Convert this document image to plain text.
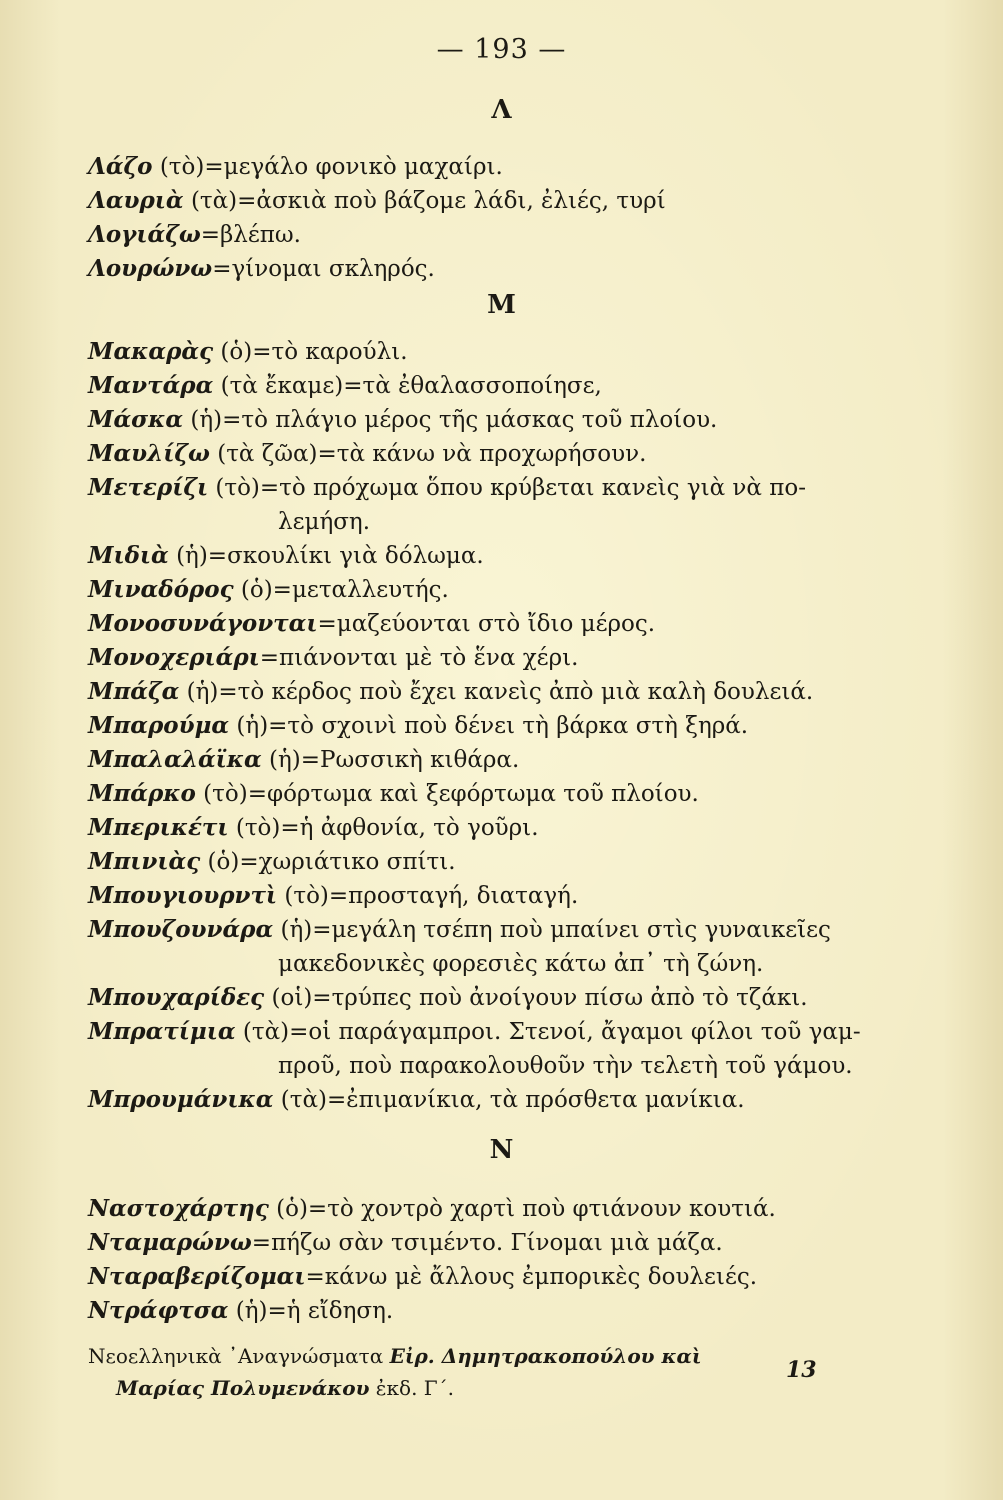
— 193 —
Λ
Λάζο (τὸ)=μεγάλο φονικὸ μαχαίρι.
Λαυριὰ (τὰ)=ἀσκιὰ ποὺ βάζομε λάδι, ἐλιές, τυρί
Λογιάζω=βλέπω.
Λουρώνω=γίνομαι σκληρός.
Μ
Μακαρὰς (ὁ)=τὸ καρούλι.
Μαντάρα (τὰ ἔκαμε)=τὰ ἐθαλασσοποίησε,
Μάσκα (ἡ)=τὸ πλάγιο μέρος τῆς μάσκας τοῦ πλοίου.
Μαυλίζω (τὰ ζῶα)=τὰ κάνω νὰ προχωρήσουν.
Μετερίζι (τὸ)=τὸ πρόχωμα ὅπου κρύβεται κανεὶς γιὰ νὰ πο-
λεμήση.
Μιδιὰ (ἡ)=σκουλίκι γιὰ δόλωμα.
Μιναδόρος (ὁ)=μεταλλευτής.
Μονοσυνάγονται=μαζεύονται στὸ ἴδιο μέρος.
Μονοχεριάρι=πιάνονται μὲ τὸ ἕνα χέρι.
Μπάζα (ἡ)=τὸ κέρδος ποὺ ἔχει κανεὶς ἀπὸ μιὰ καλὴ δουλειά.
Μπαρούμα (ἡ)=τὸ σχοινὶ ποὺ δένει τὴ βάρκα στὴ ξηρά.
Μπαλαλάϊκα (ἡ)=Ρωσσικὴ κιθάρα.
Μπάρκο (τὸ)=φόρτωμα καὶ ξεφόρτωμα τοῦ πλοίου.
Μπερικέτι (τὸ)=ἡ ἀφθονία, τὸ γοῦρι.
Μπινιὰς (ὁ)=χωριάτικο σπίτι.
Μπουγιουρντὶ (τὸ)=προσταγή, διαταγή.
Μπουζουνάρα (ἡ)=μεγάλη τσέπη ποὺ μπαίνει στὶς γυναικεῖες
μακεδονικὲς φορεσιὲς κάτω ἀπ᾿ τὴ ζώνη.
Μπουχαρίδες (οἱ)=τρύπες ποὺ ἀνοίγουν πίσω ἀπὸ τὸ τζάκι.
Μπρατίμια (τὰ)=οἱ παράγαμπροι. Στενοί, ἄγαμοι φίλοι τοῦ γαμ-
προῦ, ποὺ παρακολουθοῦν τὴν τελετὴ τοῦ γάμου.
Μπρουμάνικα (τὰ)=ἐπιμανίκια, τὰ πρόσθετα μανίκια.
Ν
Ναστοχάρτης (ὁ)=τὸ χοντρὸ χαρτὶ ποὺ φτιάνουν κουτιά.
Νταμαρώνω=πήζω σὰν τσιμέντο. Γίνομαι μιὰ μάζα.
Νταραβερίζομαι=κάνω μὲ ἄλλους ἐμπορικὲς δουλειές.
Ντράφτσα (ἡ)=ἡ εἴδηση.
Νεοελληνικὰ ᾽Αναγνώσματα Εἰρ. Δημητρακοπούλου καὶ
Μαρίας Πολυμενάκου ἐκδ. Γ΄.
13
